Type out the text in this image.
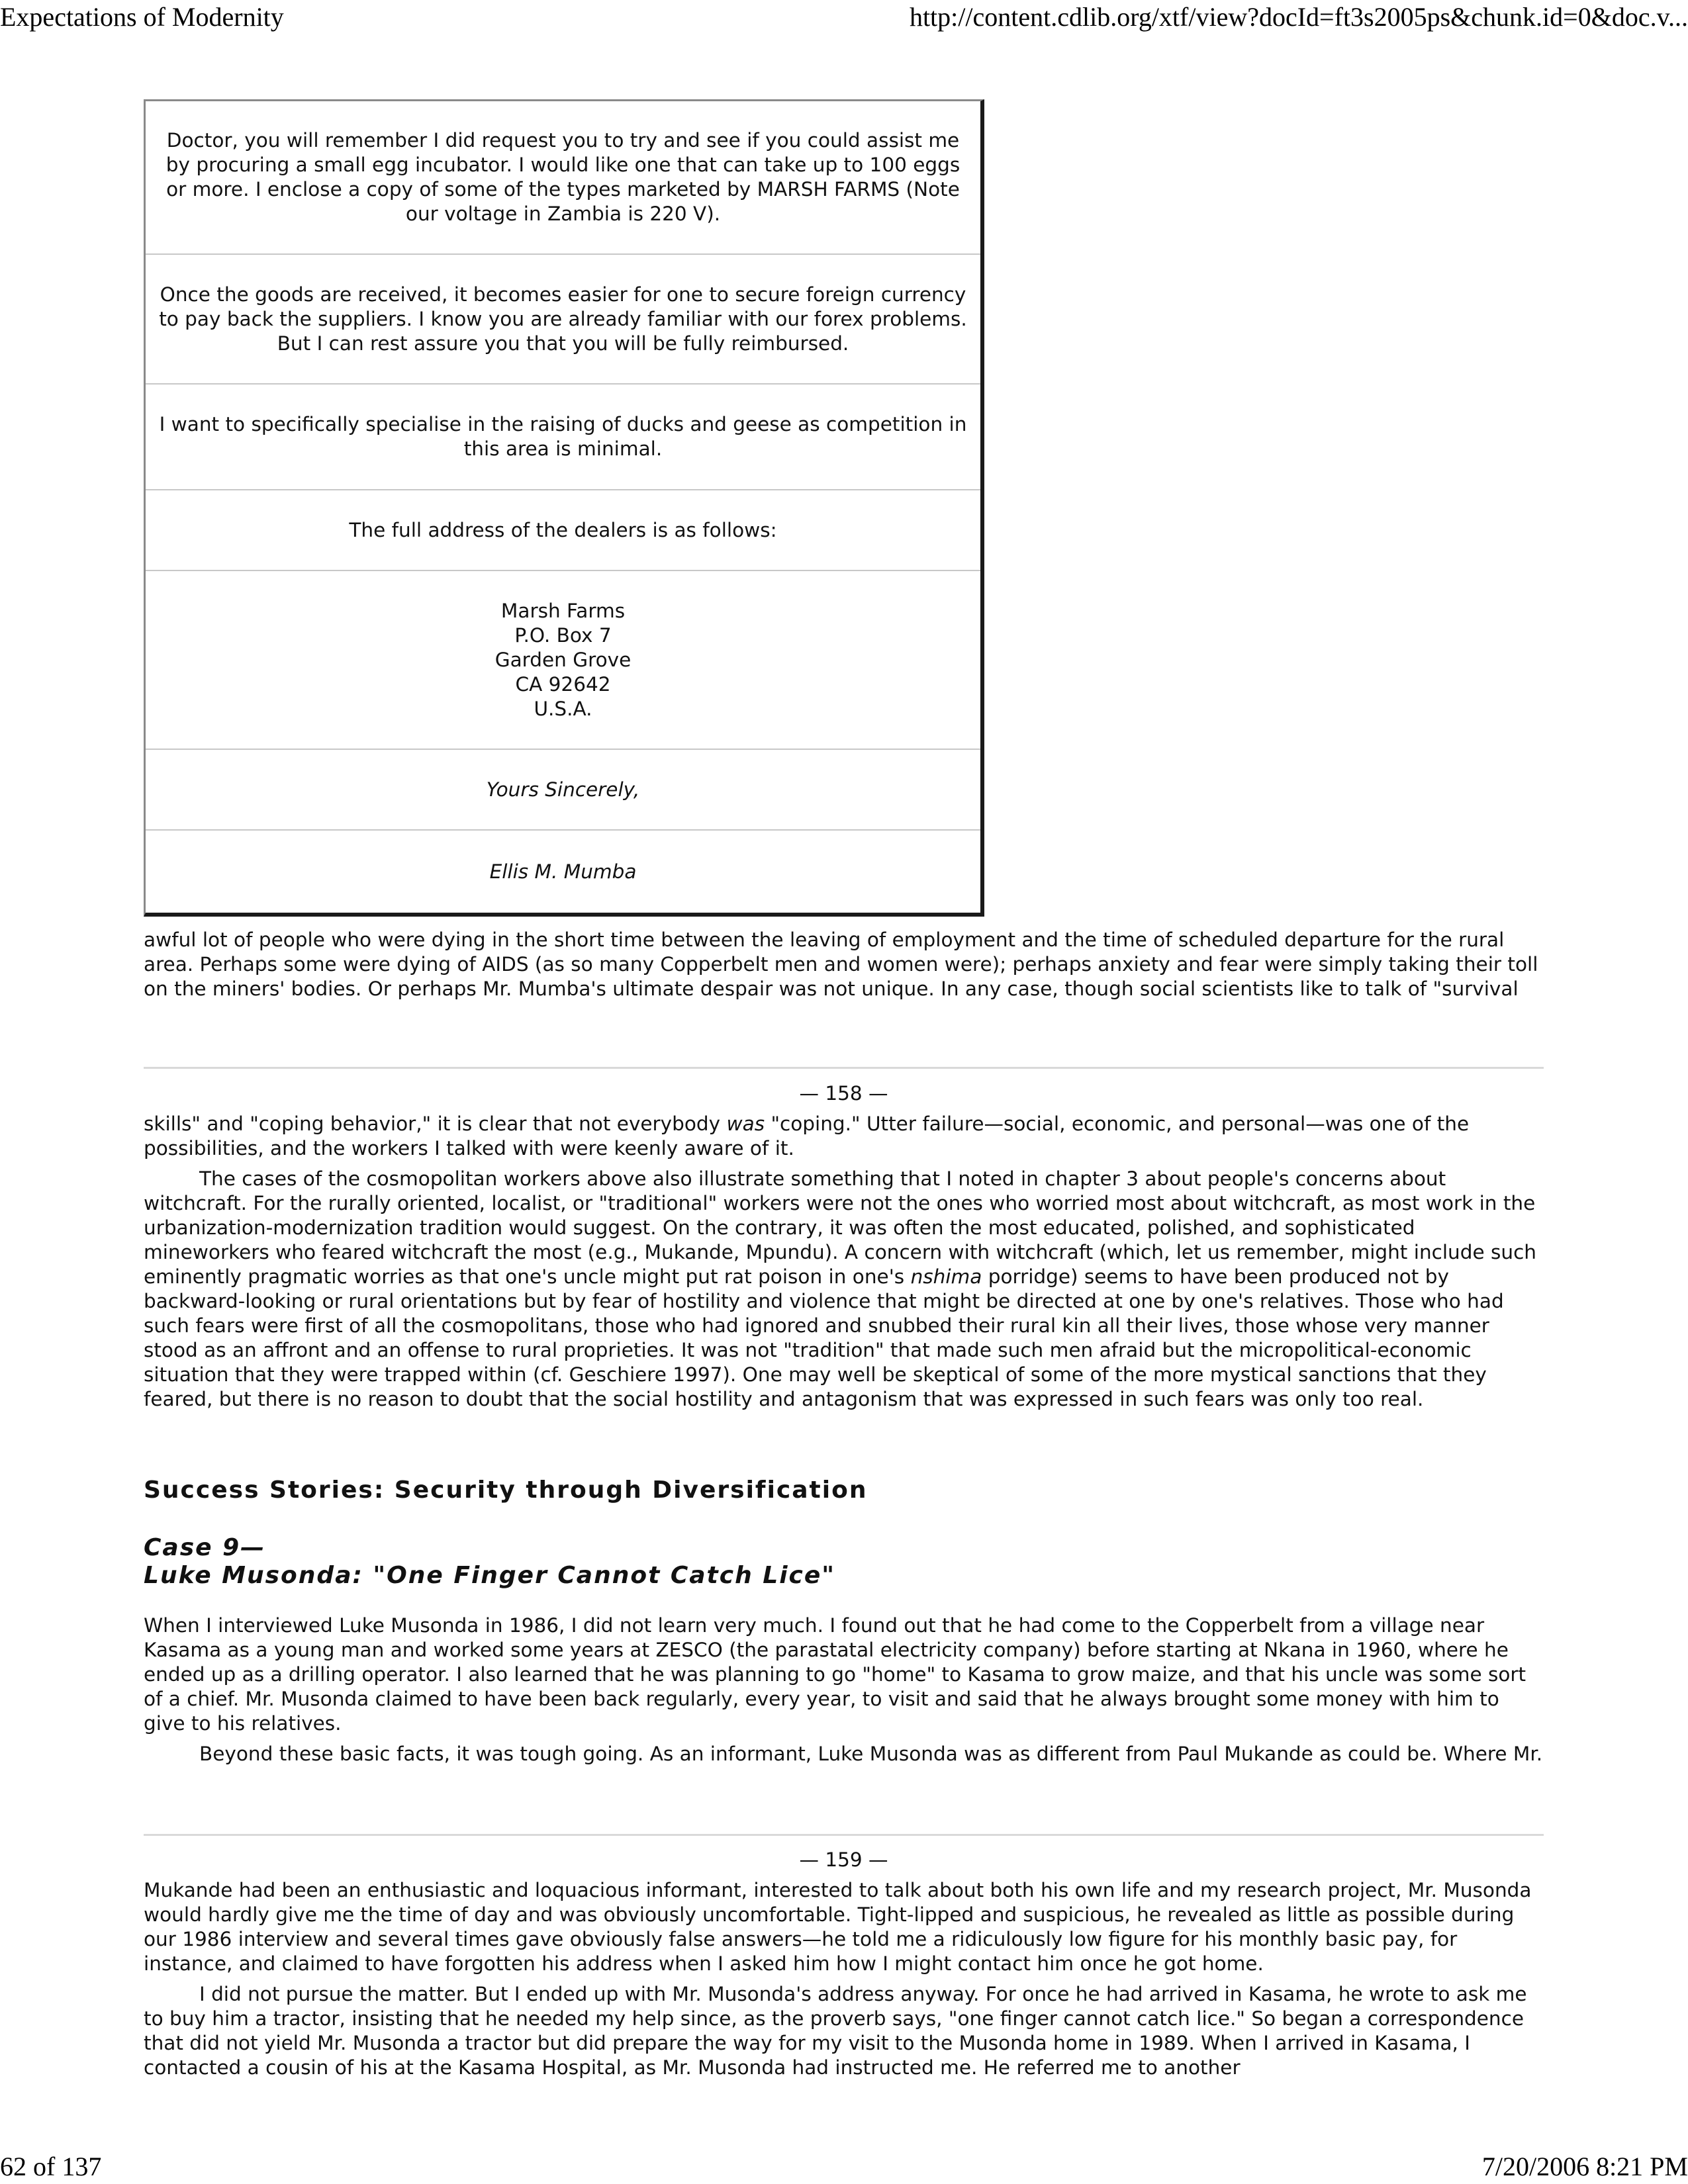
Expectations of Modernity	http://content.cdlib.org/xtf/view?docId=ft3s2005ps&chunk.id=0&doc.v...
Doctor, you will remember I did request you to try and see if you could assist me by procuring a small egg incubator. I would like one that can take up to 100 eggs or more. I enclose a copy of some of the types marketed by MARSH FARMS (Note our voltage in Zambia is 220 V).
Once the goods are received, it becomes easier for one to secure foreign currency to pay back the suppliers. I know you are already familiar with our forex problems. But I can rest assure you that you will be fully reimbursed.
I want to specifically specialise in the raising of ducks and geese as competition in this area is minimal.
The full address of the dealers is as follows:
Marsh Farms
P.O. Box 7
Garden Grove
CA 92642
U.S.A.
Yours Sincerely,
Ellis M. Mumba

awful lot of people who were dying in the short time between the leaving of employment and the time of scheduled departure for the rural area. Perhaps some were dying of AIDS (as so many Copperbelt men and women were); perhaps anxiety and fear were simply taking their toll on the miners' bodies. Or perhaps Mr. Mumba's ultimate despair was not unique. In any case, though social scientists like to talk of "survival

— 158 —

skills" and "coping behavior," it is clear that not everybody was "coping." Utter failure—social, economic, and personal—was one of the possibilities, and the workers I talked with were keenly aware of it.

The cases of the cosmopolitan workers above also illustrate something that I noted in chapter 3 about people's concerns about witchcraft. For the rurally oriented, localist, or "traditional" workers were not the ones who worried most about witchcraft, as most work in the urbanization-modernization tradition would suggest. On the contrary, it was often the most educated, polished, and sophisticated mineworkers who feared witchcraft the most (e.g., Mukande, Mpundu). A concern with witchcraft (which, let us remember, might include such eminently pragmatic worries as that one's uncle might put rat poison in one's nshima porridge) seems to have been produced not by backward-looking or rural orientations but by fear of hostility and violence that might be directed at one by one's relatives. Those who had such fears were first of all the cosmopolitans, those who had ignored and snubbed their rural kin all their lives, those whose very manner stood as an affront and an offense to rural proprieties. It was not "tradition" that made such men afraid but the micropolitical-economic situation that they were trapped within (cf. Geschiere 1997). One may well be skeptical of some of the more mystical sanctions that they feared, but there is no reason to doubt that the social hostility and antagonism that was expressed in such fears was only too real.

Success Stories: Security through Diversification
Case 9—
Luke Musonda: "One Finger Cannot Catch Lice"

When I interviewed Luke Musonda in 1986, I did not learn very much. I found out that he had come to the Copperbelt from a village near Kasama as a young man and worked some years at ZESCO (the parastatal electricity company) before starting at Nkana in 1960, where he ended up as a drilling operator. I also learned that he was planning to go "home" to Kasama to grow maize, and that his uncle was some sort of a chief. Mr. Musonda claimed to have been back regularly, every year, to visit and said that he always brought some money with him to give to his relatives.

Beyond these basic facts, it was tough going. As an informant, Luke Musonda was as different from Paul Mukande as could be. Where Mr.

— 159 —

Mukande had been an enthusiastic and loquacious informant, interested to talk about both his own life and my research project, Mr. Musonda would hardly give me the time of day and was obviously uncomfortable. Tight-lipped and suspicious, he revealed as little as possible during our 1986 interview and several times gave obviously false answers—he told me a ridiculously low figure for his monthly basic pay, for instance, and claimed to have forgotten his address when I asked him how I might contact him once he got home.

I did not pursue the matter. But I ended up with Mr. Musonda's address anyway. For once he had arrived in Kasama, he wrote to ask me to buy him a tractor, insisting that he needed my help since, as the proverb says, "one finger cannot catch lice." So began a correspondence that did not yield Mr. Musonda a tractor but did prepare the way for my visit to the Musonda home in 1989. When I arrived in Kasama, I contacted a cousin of his at the Kasama Hospital, as Mr. Musonda had instructed me. He referred me to another

62 of 137	7/20/2006 8:21 PM
